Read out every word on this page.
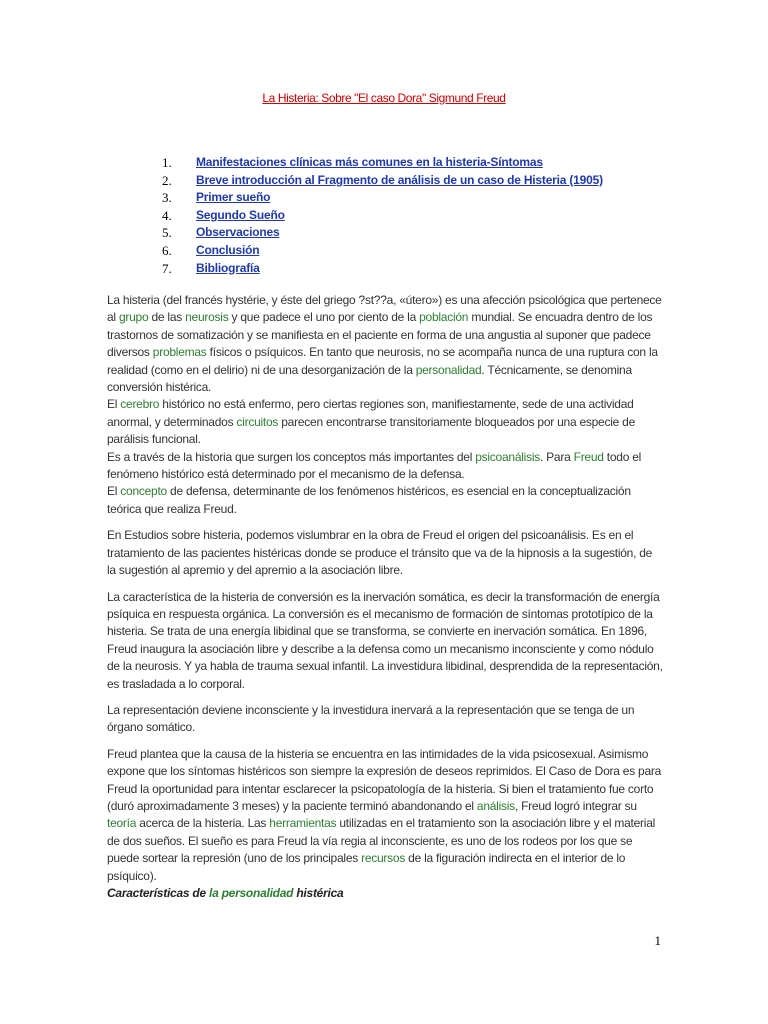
La Histeria: Sobre "El caso Dora" Sigmund Freud
1.	Manifestaciones clínicas más comunes en la histeria-Síntomas
2.	Breve introducción al Fragmento de análisis de un caso de Histeria (1905)
3.	Primer sueño
4.	Segundo Sueño
5.	Observaciones
6.	Conclusión
7.	Bibliografía

La histeria (del francés hystérie, y éste del griego ?st??a, «útero») es una afección psicológica que pertenece al grupo de las neurosis y que padece el uno por ciento de la población mundial. Se encuadra dentro de los trastornos de somatización y se manifiesta en el paciente en forma de una angustia al suponer que padece diversos problemas físicos o psíquicos. En tanto que neurosis, no se acompaña nunca de una ruptura con la realidad (como en el delirio) ni de una desorganización de la personalidad. Técnicamente, se denomina conversión histérica.

El cerebro histórico no está enfermo, pero ciertas regiones son, manifiestamente, sede de una actividad anormal, y determinados circuitos parecen encontrarse transitoriamente bloqueados por una especie de parálisis funcional.

Es a través de la historia que surgen los conceptos más importantes del psicoanálisis. Para Freud todo el fenómeno histórico está determinado por el mecanismo de la defensa.

El concepto de defensa, determinante de los fenómenos histéricos, es esencial en la conceptualización teórica que realiza Freud.

En Estudios sobre histeria, podemos vislumbrar en la obra de Freud el origen del psicoanálisis. Es en el tratamiento de las pacientes histéricas donde se produce el tránsito que va de la hipnosis a la sugestión, de la sugestión al apremio y del apremio a la asociación libre.

La característica de la histeria de conversión es la inervación somática, es decir la transformación de energía psíquica en respuesta orgánica. La conversión es el mecanismo de formación de síntomas prototípico de la histeria. Se trata de una energía libidinal que se transforma, se convierte en inervación somática. En 1896, Freud inaugura la asociación libre y describe a la defensa como un mecanismo inconsciente y como nódulo de la neurosis. Y ya habla de trauma sexual infantil. La investidura libidinal, desprendida de la representación, es trasladada a lo corporal.

La representación deviene inconsciente y la investidura inervará a la representación que se tenga de un órgano somático.

Freud plantea que la causa de la histeria se encuentra en las intimidades de la vida psicosexual. Asimismo expone que los síntomas histéricos son siempre la expresión de deseos reprimidos. El Caso de Dora es para Freud la oportunidad para intentar esclarecer la psicopatología de la histeria. Si bien el tratamiento fue corto (duró aproximadamente 3 meses) y la paciente terminó abandonando el análisis, Freud logró integrar su teoría acerca de la histeria. Las herramientas utilizadas en el tratamiento son la asociación libre y el material de dos sueños. El sueño es para Freud la vía regia al inconsciente, es uno de los rodeos por los que se puede sortear la represión (uno de los principales recursos de la figuración indirecta en el interior de lo psíquico).

Características de la personalidad histérica

1
